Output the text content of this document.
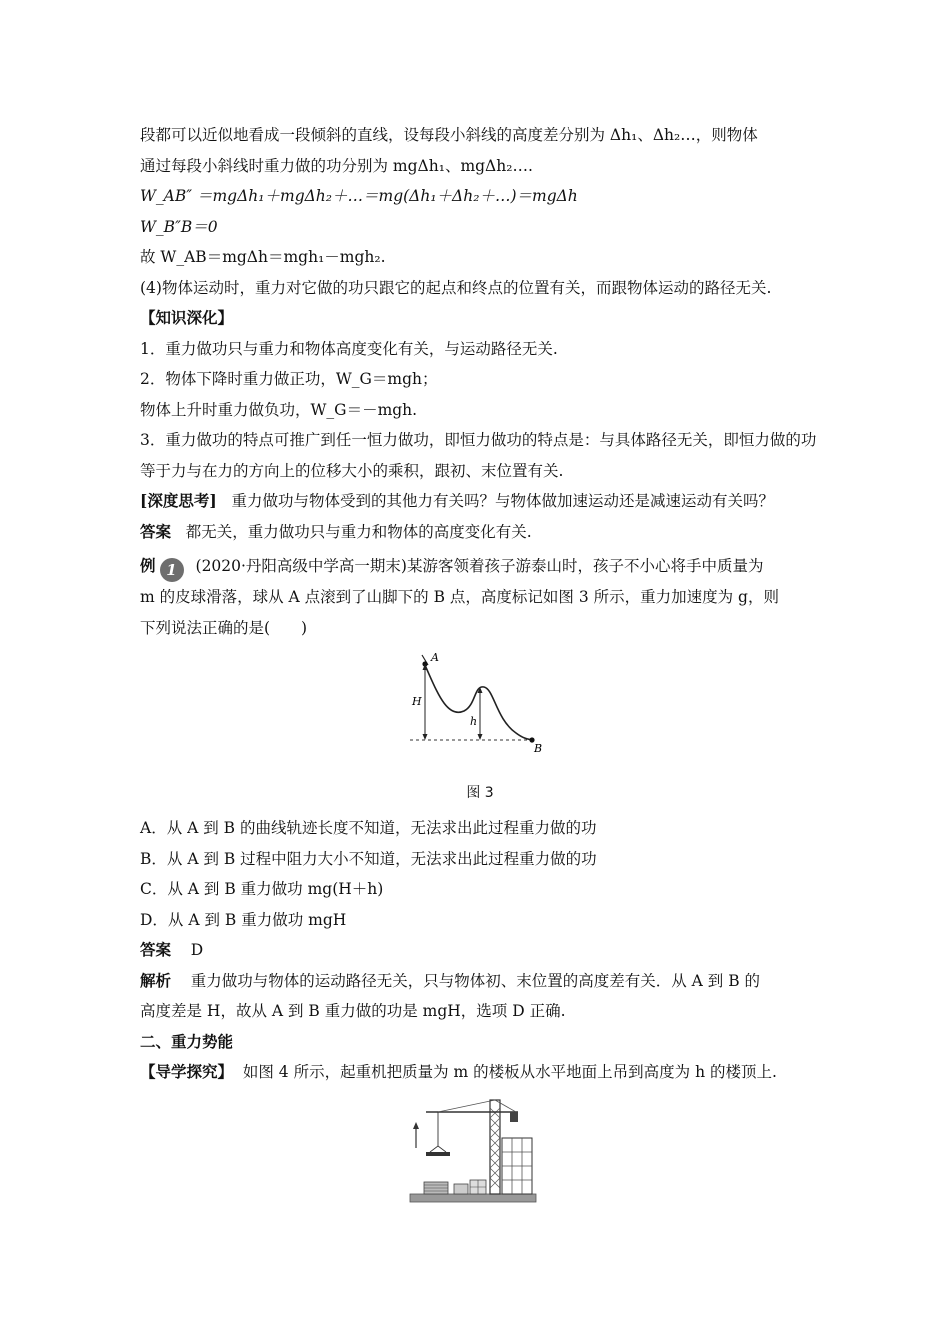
段都可以近似地看成一段倾斜的直线，设每段小斜线的高度差分别为 Δh₁、Δh₂…，则物体

通过每段小斜线时重力做的功分别为 mgΔh₁、mgΔh₂….

W_AB″ ＝mgΔh₁＋mgΔh₂＋…＝mg(Δh₁＋Δh₂＋…)＝mgΔh

W_B″B＝0

故 W_AB＝mgΔh＝mgh₁－mgh₂.

(4)物体运动时，重力对它做的功只跟它的起点和终点的位置有关，而跟物体运动的路径无关.

【知识深化】

1．重力做功只与重力和物体高度变化有关，与运动路径无关.

2．物体下降时重力做正功，W_G＝mgh；

物体上升时重力做负功，W_G＝－mgh.

3．重力做功的特点可推广到任一恒力做功，即恒力做功的特点是：与具体路径无关，即恒力做的功等于力与在力的方向上的位移大小的乘积，跟初、末位置有关.

[深度思考] 重力做功与物体受到的其他力有关吗？与物体做加速运动还是减速运动有关吗？

答案 都无关，重力做功只与重力和物体的高度变化有关.

例 1 (2020·丹阳高级中学高一期末)某游客领着孩子游泰山时，孩子不小心将手中质量为

m 的皮球滑落，球从 A 点滚到了山脚下的 B 点，高度标记如图 3 所示，重力加速度为 g，则

下列说法正确的是(　　)

A
B
H
h

图 3

A．从 A 到 B 的曲线轨迹长度不知道，无法求出此过程重力做的功

B．从 A 到 B 过程中阻力大小不知道，无法求出此过程重力做的功

C．从 A 到 B 重力做功 mg(H＋h)

D．从 A 到 B 重力做功 mgH

答案 D

解析 重力做功与物体的运动路径无关，只与物体初、末位置的高度差有关．从 A 到 B 的

高度差是 H，故从 A 到 B 重力做的功是 mgH，选项 D 正确.

二、重力势能

【导学探究】 如图 4 所示，起重机把质量为 m 的楼板从水平地面上吊到高度为 h 的楼顶上.
